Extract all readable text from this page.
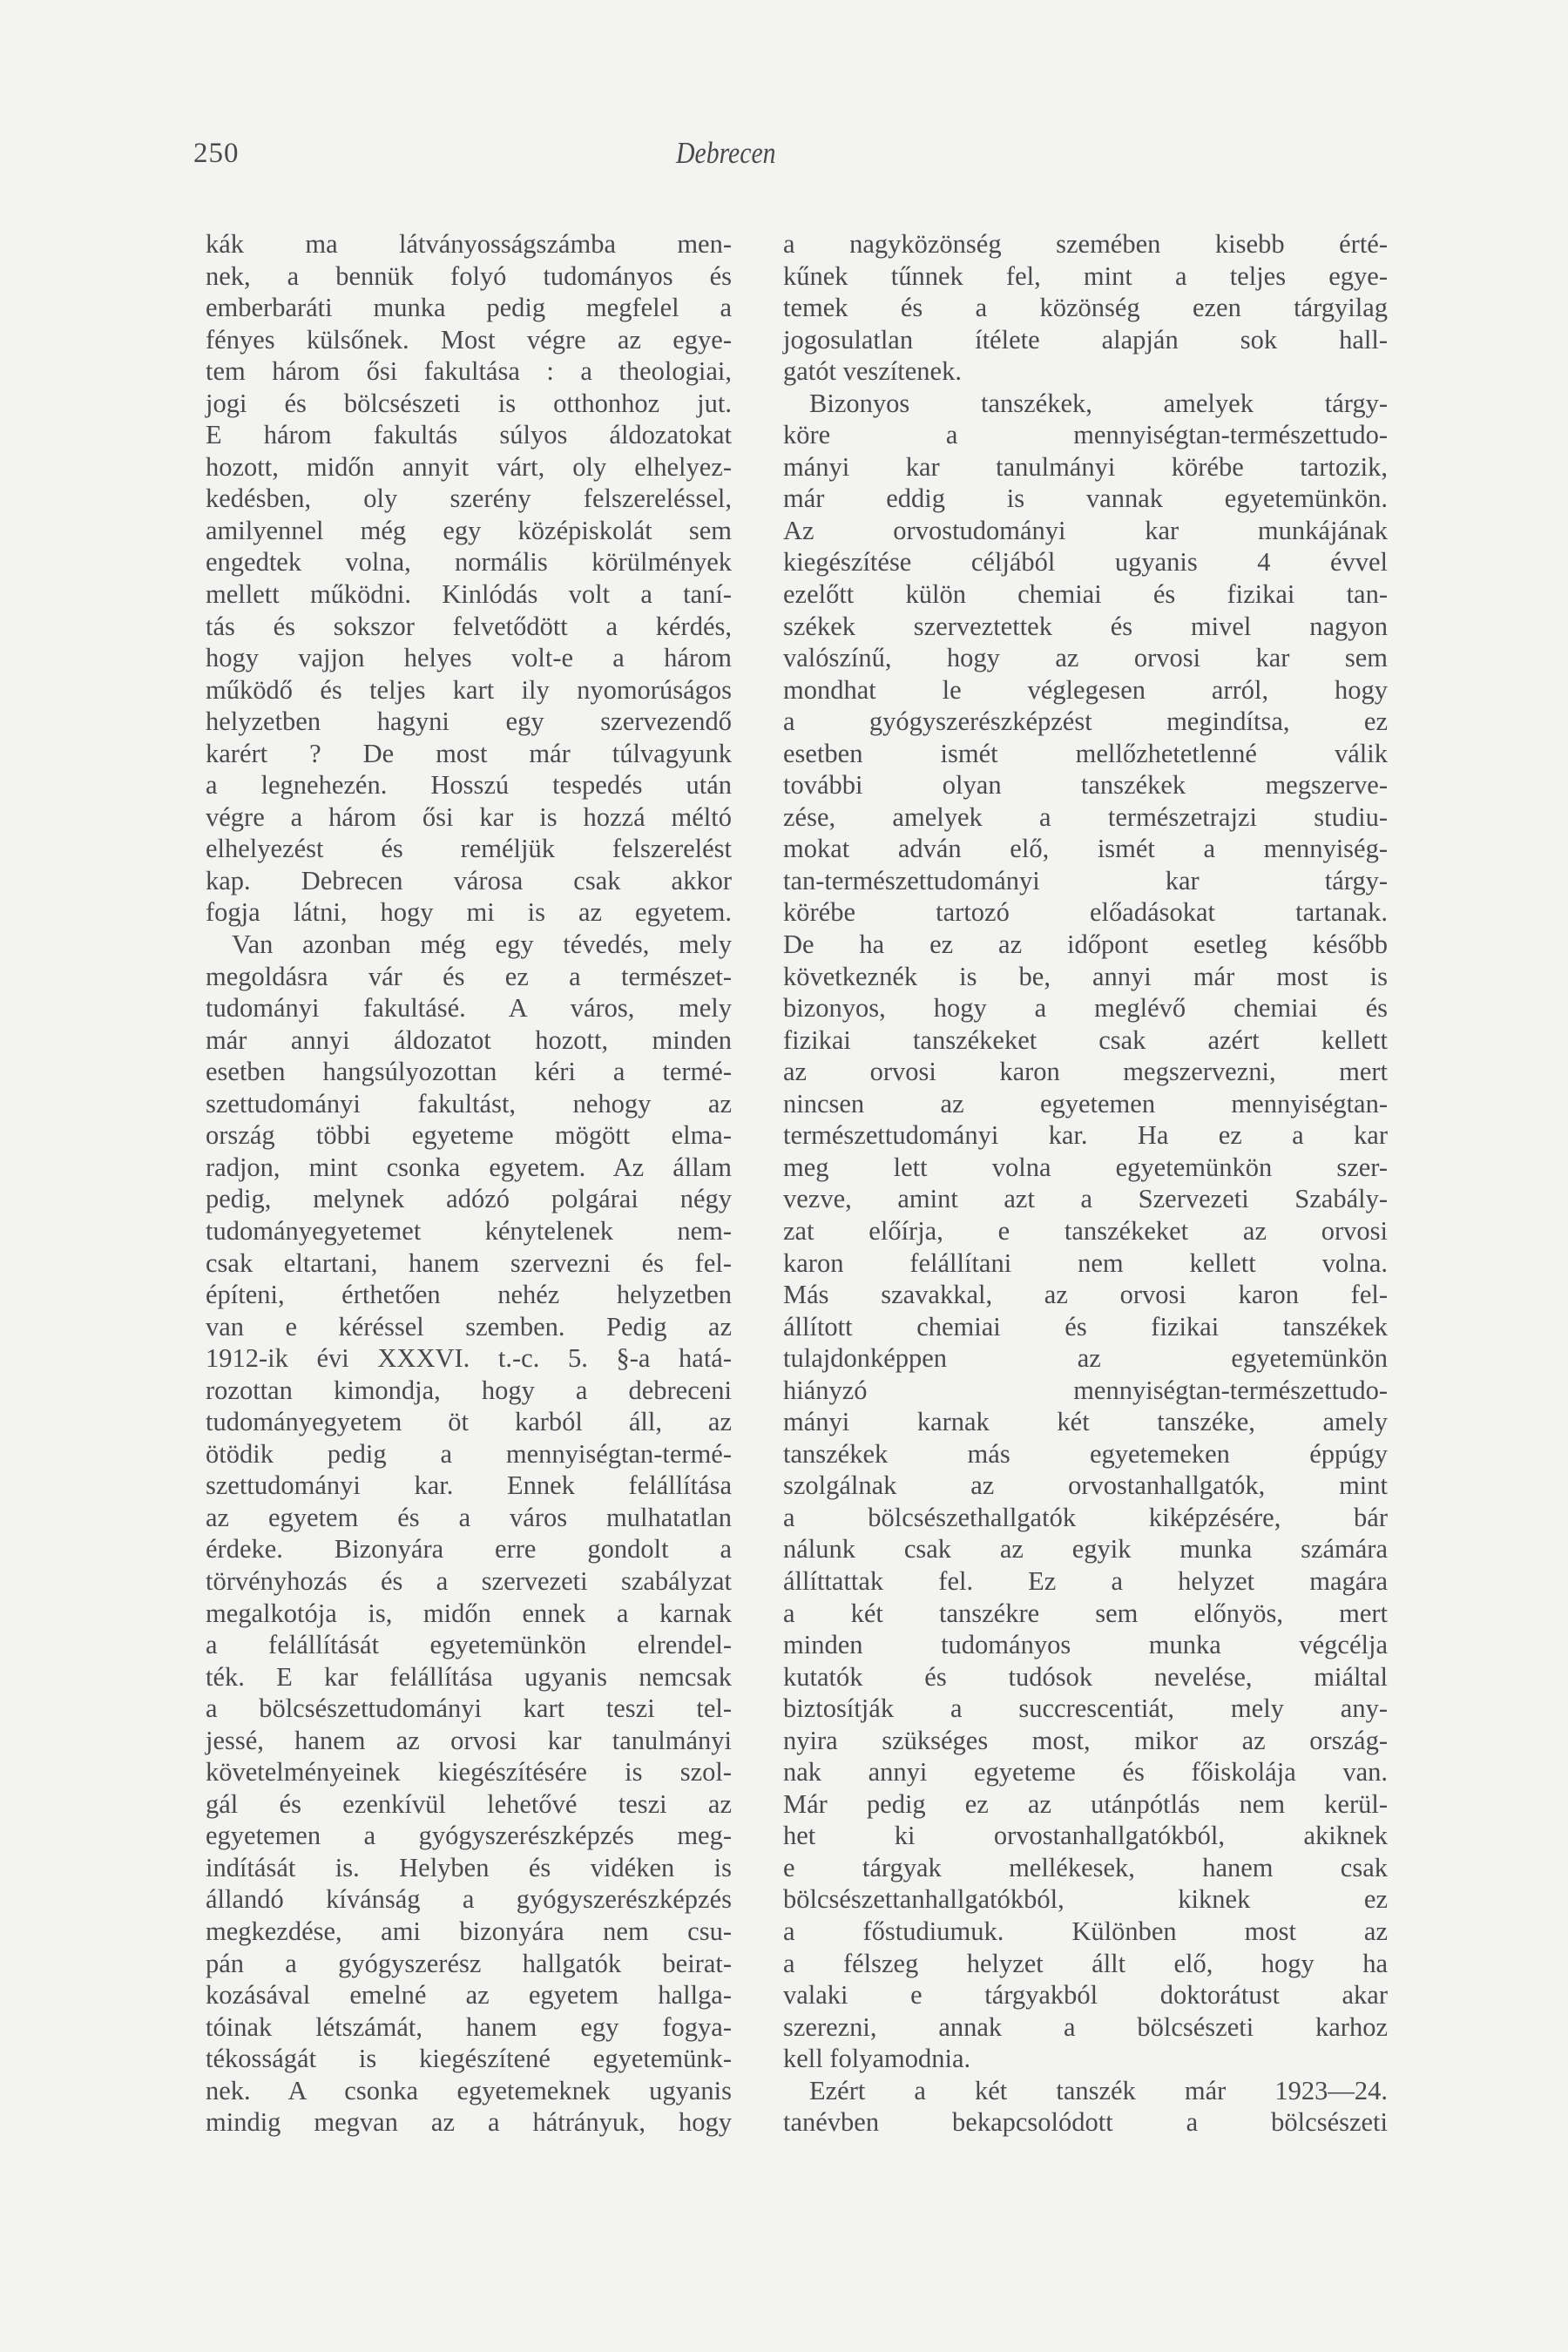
250	Debrecen
kák ma látványosságszámba men-
nek, a bennük folyó tudományos és
emberbaráti munka pedig megfelel a
fényes külsőnek. Most végre az egye-
tem három ősi fakultása : a theologiai,
jogi és bölcsészeti is otthonhoz jut.
E három fakultás súlyos áldozatokat
hozott, midőn annyit várt, oly elhelyez-
kedésben, oly szerény felszereléssel,
amilyennel még egy középiskolát sem
engedtek volna, normális körülmények
mellett működni. Kinlódás volt a taní-
tás és sokszor felvetődött a kérdés,
hogy vajjon helyes volt-e a három
működő és teljes kart ily nyomorúságos
helyzetben hagyni egy szervezendő
karért ? De most már túlvagyunk
a legnehezén. Hosszú tespedés után
végre a három ősi kar is hozzá méltó
elhelyezést és reméljük felszerelést
kap. Debrecen városa csak akkor
fogja látni, hogy mi is az egyetem.
Van azonban még egy tévedés, mely
megoldásra vár és ez a természet-
tudományi fakultásé. A város, mely
már annyi áldozatot hozott, minden
esetben hangsúlyozottan kéri a termé-
szettudományi fakultást, nehogy az
ország többi egyeteme mögött elma-
radjon, mint csonka egyetem. Az állam
pedig, melynek adózó polgárai négy
tudományegyetemet kénytelenek nem-
csak eltartani, hanem szervezni és fel-
építeni, érthetően nehéz helyzetben
van e kéréssel szemben. Pedig az
1912-ik évi XXXVI. t.-c. 5. §-a hatá-
rozottan kimondja, hogy a debreceni
tudományegyetem öt karból áll, az
ötödik pedig a mennyiségtan-termé-
szettudományi kar. Ennek felállítása
az egyetem és a város mulhatatlan
érdeke. Bizonyára erre gondolt a
törvényhozás és a szervezeti szabályzat
megalkotója is, midőn ennek a karnak
a felállítását egyetemünkön elrendel-
ték. E kar felállítása ugyanis nemcsak
a bölcsészettudományi kart teszi tel-
jessé, hanem az orvosi kar tanulmányi
követelményeinek kiegészítésére is szol-
gál és ezenkívül lehetővé teszi az
egyetemen a gyógyszerészképzés meg-
indítását is. Helyben és vidéken is
állandó kívánság a gyógyszerészképzés
megkezdése, ami bizonyára nem csu-
pán a gyógyszerész hallgatók beirat-
kozásával emelné az egyetem hallga-
tóinak létszámát, hanem egy fogya-
tékosságát is kiegészítené egyetemünk-
nek. A csonka egyetemeknek ugyanis
mindig megvan az a hátrányuk, hogy
a nagyközönség szemében kisebb érté-
kűnek tűnnek fel, mint a teljes egye-
temek és a közönség ezen tárgyilag
jogosulatlan ítélete alapján sok hall-
gatót veszítenek.
Bizonyos tanszékek, amelyek tárgy-
köre a mennyiségtan-természettudo-
mányi kar tanulmányi körébe tartozik,
már eddig is vannak egyetemünkön.
Az orvostudományi kar munkájának
kiegészítése céljából ugyanis 4 évvel
ezelőtt külön chemiai és fizikai tan-
székek szerveztettek és mivel nagyon
valószínű, hogy az orvosi kar sem
mondhat le véglegesen arról, hogy
a gyógyszerészképzést megindítsa, ez
esetben ismét mellőzhetetlenné válik
további olyan tanszékek megszerve-
zése, amelyek a természetrajzi studiu-
mokat adván elő, ismét a mennyiség-
tan-természettudományi kar tárgy-
körébe tartozó előadásokat tartanak.
De ha ez az időpont esetleg később
következnék is be, annyi már most is
bizonyos, hogy a meglévő chemiai és
fizikai tanszékeket csak azért kellett
az orvosi karon megszervezni, mert
nincsen az egyetemen mennyiségtan-
természettudományi kar. Ha ez a kar
meg lett volna egyetemünkön szer-
vezve, amint azt a Szervezeti Szabály-
zat előírja, e tanszékeket az orvosi
karon felállítani nem kellett volna.
Más szavakkal, az orvosi karon fel-
állított chemiai és fizikai tanszékek
tulajdonképpen az egyetemünkön
hiányzó mennyiségtan-természettudo-
mányi karnak két tanszéke, amely
tanszékek más egyetemeken éppúgy
szolgálnak az orvostanhallgatók, mint
a bölcsészethallgatók kiképzésére, bár
nálunk csak az egyik munka számára
állíttattak fel. Ez a helyzet magára
a két tanszékre sem előnyös, mert
minden tudományos munka végcélja
kutatók és tudósok nevelése, miáltal
biztosítják a succrescentiát, mely any-
nyira szükséges most, mikor az ország-
nak annyi egyeteme és főiskolája van.
Már pedig ez az utánpótlás nem kerül-
het ki orvostanhallgatókból, akiknek
e tárgyak mellékesek, hanem csak
bölcsészettanhallgatókból, kiknek ez
a főstudiumuk. Különben most az
a félszeg helyzet állt elő, hogy ha
valaki e tárgyakból doktorátust akar
szerezni, annak a bölcsészeti karhoz
kell folyamodnia.
Ezért a két tanszék már 1923—24.
tanévben bekapcsolódott a bölcsészeti
